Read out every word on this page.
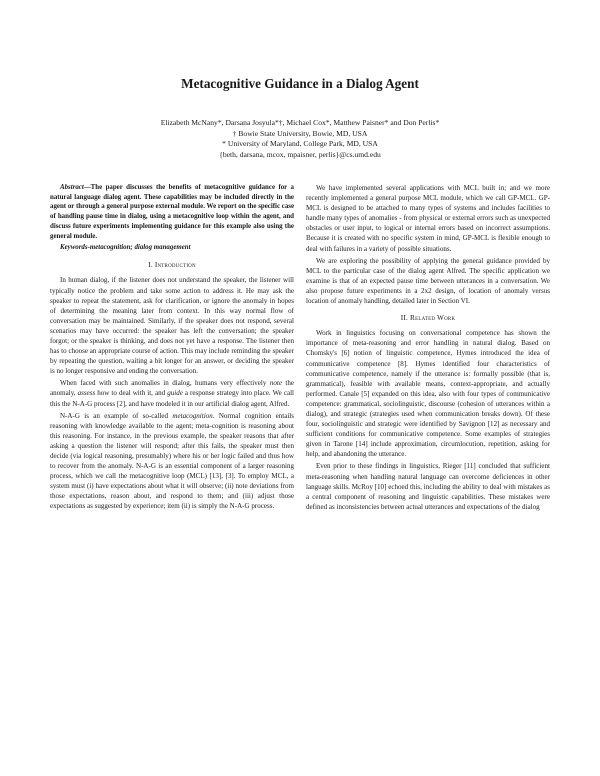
Metacognitive Guidance in a Dialog Agent
Elizabeth McNany*, Darsana Josyula*†, Michael Cox*, Matthew Paisner* and Don Perlis*
† Bowie State University, Bowie, MD, USA
* University of Maryland, College Park, MD, USA
{beth, darsana, mcox, mpaisner, perlis}@cs.umd.edu

Abstract—The paper discusses the benefits of metacognitive guidance for a natural language dialog agent. These capabilities may be included directly in the agent or through a general purpose external module. We report on the specific case of handling pause time in dialog, using a metacognitive loop within the agent, and discuss future experiments implementing guidance for this example also using the general module.

Keywords-metacognition; dialog management

I. Introduction

In human dialog, if the listener does not understand the speaker, the listener will typically notice the problem and take some action to address it. He may ask the speaker to repeat the statement, ask for clarification, or ignore the anomaly in hopes of determining the meaning later from context. In this way normal flow of conversation may be maintained. Similarly, if the speaker does not respond, several scenarios may have occurred: the speaker has left the conversation; the speaker forgot; or the speaker is thinking, and does not yet have a response. The listener then has to choose an appropriate course of action. This may include reminding the speaker by repeating the question, waiting a bit longer for an answer, or deciding the speaker is no longer responsive and ending the conversation.

When faced with such anomalies in dialog, humans very effectively note the anomaly, assess how to deal with it, and guide a response strategy into place. We call this the N-A-G process [2], and have modeled it in our artificial dialog agent, Alfred.

N-A-G is an example of so-called metacognition. Normal cognition entails reasoning with knowledge available to the agent; meta-cognition is reasoning about this reasoning. For instance, in the previous example, the speaker reasons that after asking a question the listener will respond; after this fails, the speaker must then decide (via logical reasoning, presumably) where his or her logic failed and thus how to recover from the anomaly. N-A-G is an essential component of a larger reasoning process, which we call the metacognitive loop (MCL) [13], [3]. To employ MCL, a system must (i) have expectations about what it will observe; (ii) note deviations from those expectations, reason about, and respond to them; and (iii) adjust those expectations as suggested by experience; item (ii) is simply the N-A-G process.

We have implemented several applications with MCL built in; and we more recently implemented a general purpose MCL module, which we call GP-MCL. GP-MCL is designed to be attached to many types of systems and includes facilities to handle many types of anomalies - from physical or external errors such as unexpected obstacles or user input, to logical or internal errors based on incorrect assumptions. Because it is created with no specific system in mind, GP-MCL is flexible enough to deal with failures in a variety of possible situations.

We are exploring the possibility of applying the general guidance provided by MCL to the particular case of the dialog agent Alfred. The specific application we examine is that of an expected pause time between utterances in a conversation. We also propose future experiments in a 2x2 design, of location of anomaly versus location of anomaly handling, detailed later in Section VI.

II. Related Work

Work in linguistics focusing on conversational competence has shown the importance of meta-reasoning and error handling in natural dialog. Based on Chomsky's [6] notion of linguistic competence, Hymes introduced the idea of communicative competence [8]. Hymes identified four characteristics of communicative competence, namely if the utterance is: formally possible (that is, grammatical), feasible with available means, context-appropriate, and actually performed. Canale [5] expanded on this idea, also with four types of communicative competence: grammatical, sociolinguistic, discourse (cohesion of utterances within a dialog), and strategic (strategies used when communication breaks down). Of these four, sociolinguistic and strategic were identified by Savignon [12] as necessary and sufficient conditions for communicative competence. Some examples of strategies given in Tarone [14] include approximation, circumlocution, repetition, asking for help, and abandoning the utterance.

Even prior to these findings in linguistics, Rieger [11] concluded that sufficient meta-reasoning when handling natural language can overcome deficiences in other language skills. McRoy [10] echoed this, including the ability to deal with mistakes as a central component of reasoning and linguistic capabilities. These mistakes were defined as inconsistencies between actual utterances and expectations of the dialog
